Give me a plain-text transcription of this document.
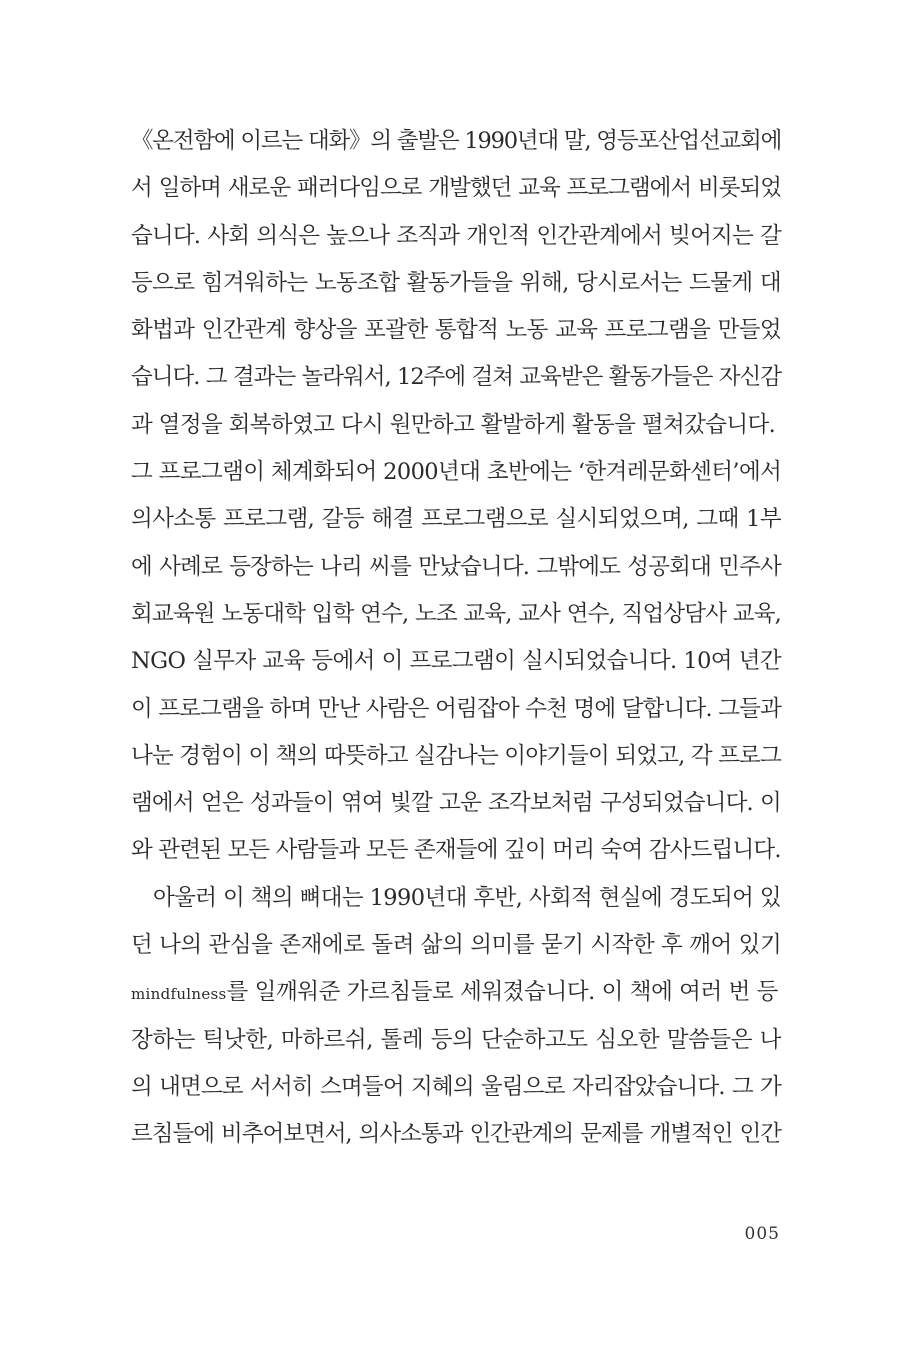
《온전함에 이르는 대화》의 출발은 1990년대 말, 영등포산업선교회에
서 일하며 새로운 패러다임으로 개발했던 교육 프로그램에서 비롯되었
습니다. 사회 의식은 높으나 조직과 개인적 인간관계에서 빚어지는 갈
등으로 힘겨워하는 노동조합 활동가들을 위해, 당시로서는 드물게 대
화법과 인간관계 향상을 포괄한 통합적 노동 교육 프로그램을 만들었
습니다. 그 결과는 놀라워서, 12주에 걸쳐 교육받은 활동가들은 자신감
과 열정을 회복하였고 다시 원만하고 활발하게 활동을 펼쳐갔습니다.
그 프로그램이 체계화되어 2000년대 초반에는 ‘한겨레문화센터’에서
의사소통 프로그램, 갈등 해결 프로그램으로 실시되었으며, 그때 1부
에 사례로 등장하는 나리 씨를 만났습니다. 그밖에도 성공회대 민주사
회교육원 노동대학 입학 연수, 노조 교육, 교사 연수, 직업상담사 교육,
NGO 실무자 교육 등에서 이 프로그램이 실시되었습니다. 10여 년간
이 프로그램을 하며 만난 사람은 어림잡아 수천 명에 달합니다. 그들과
나눈 경험이 이 책의 따뜻하고 실감나는 이야기들이 되었고, 각 프로그
램에서 얻은 성과들이 엮여 빛깔 고운 조각보처럼 구성되었습니다. 이
와 관련된 모든 사람들과 모든 존재들에 깊이 머리 숙여 감사드립니다.
아울러 이 책의 뼈대는 1990년대 후반, 사회적 현실에 경도되어 있
던 나의 관심을 존재에로 돌려 삶의 의미를 묻기 시작한 후 깨어 있기
mindfulness를 일깨워준 가르침들로 세워졌습니다. 이 책에 여러 번 등
장하는 틱낫한, 마하르쉬, 톨레 등의 단순하고도 심오한 말씀들은 나
의 내면으로 서서히 스며들어 지혜의 울림으로 자리잡았습니다. 그 가
르침들에 비추어보면서, 의사소통과 인간관계의 문제를 개별적인 인간
005
